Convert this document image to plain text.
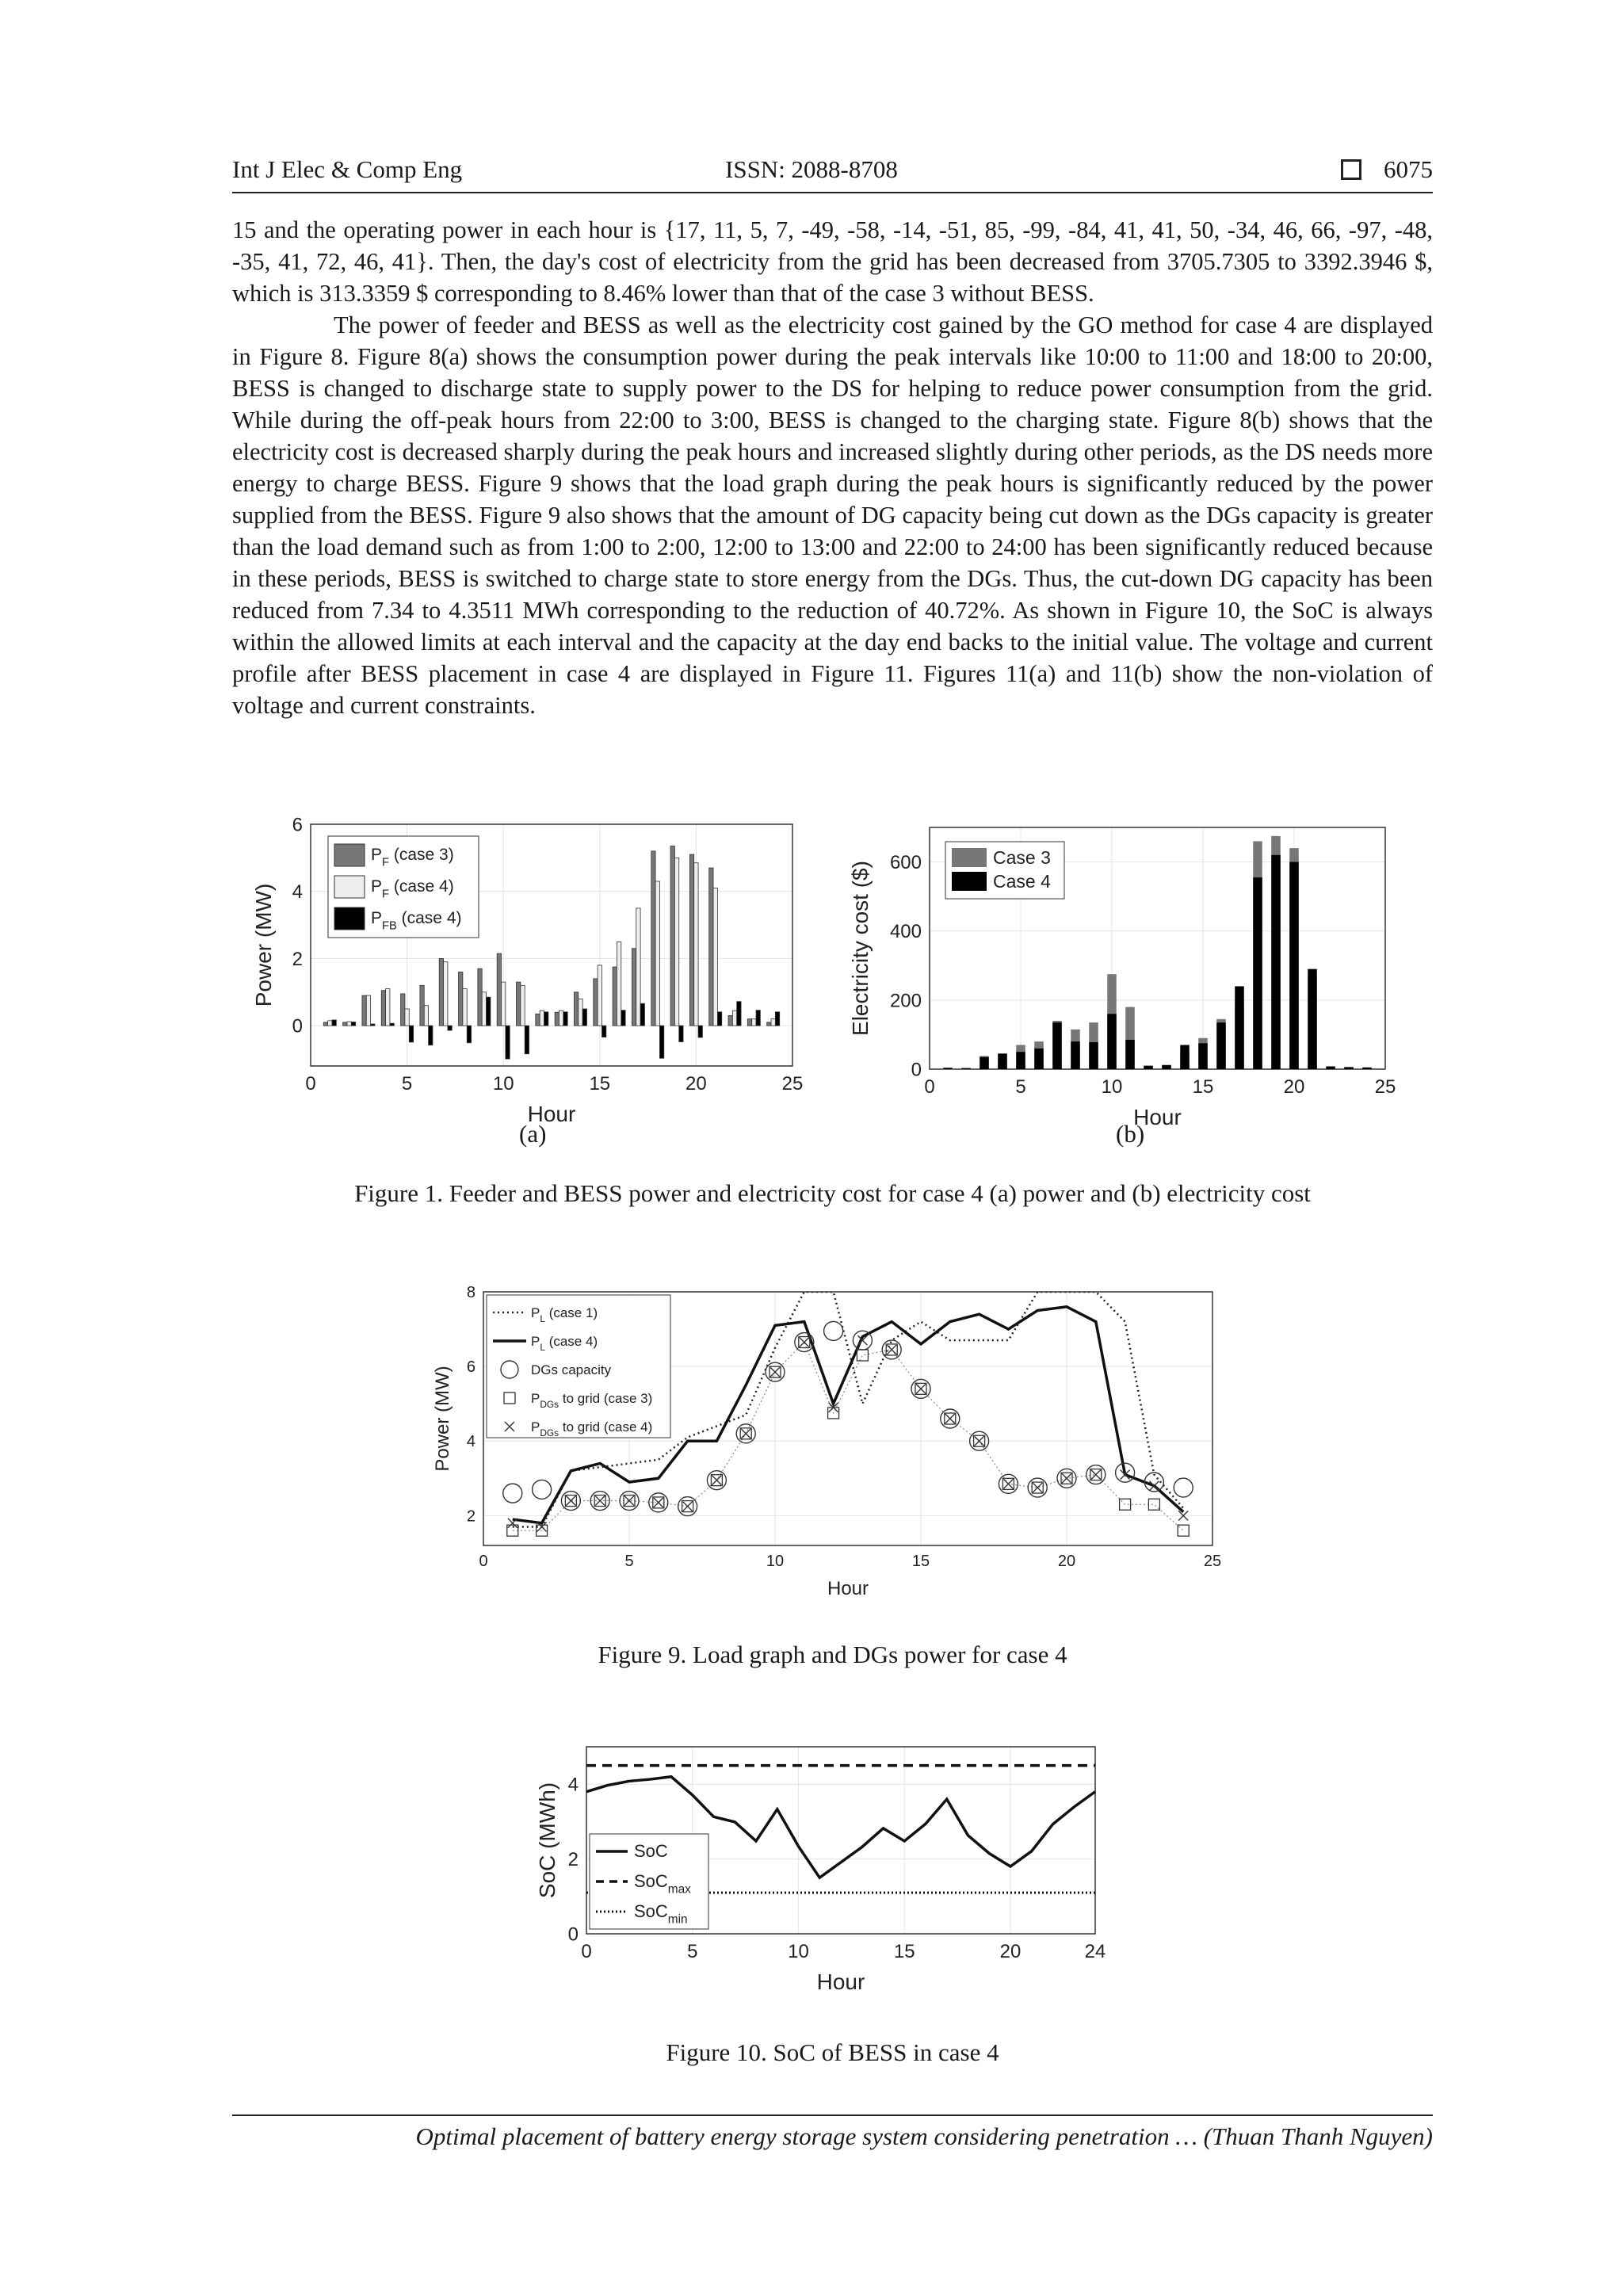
Int J Elec & Comp Eng	ISSN: 2088-8708	6075

15 and the operating power in each hour is {17, 11, 5, 7, -49, -58, -14, -51, 85, -99, -84, 41, 41, 50, -34, 46, 66, -97, -48, -35, 41, 72, 46, 41}. Then, the day's cost of electricity from the grid has been decreased from 3705.7305 to 3392.3946 $, which is 313.3359 $ corresponding to 8.46% lower than that of the case 3 without BESS.

The power of feeder and BESS as well as the electricity cost gained by the GO method for case 4 are displayed in Figure 8. Figure 8(a) shows the consumption power during the peak intervals like 10:00 to 11:00 and 18:00 to 20:00, BESS is changed to discharge state to supply power to the DS for helping to reduce power consumption from the grid. While during the off-peak hours from 22:00 to 3:00, BESS is changed to the charging state. Figure 8(b) shows that the electricity cost is decreased sharply during the peak hours and increased slightly during other periods, as the DS needs more energy to charge BESS. Figure 9 shows that the load graph during the peak hours is significantly reduced by the power supplied from the BESS. Figure 9 also shows that the amount of DG capacity being cut down as the DGs capacity is greater than the load demand such as from 1:00 to 2:00, 12:00 to 13:00 and 22:00 to 24:00 has been significantly reduced because in these periods, BESS is switched to charge state to store energy from the DGs. Thus, the cut-down DG capacity has been reduced from 7.34 to 4.3511 MWh corresponding to the reduction of 40.72%. As shown in Figure 10, the SoC is always within the allowed limits at each interval and the capacity at the day end backs to the initial value. The voltage and current profile after BESS placement in case 4 are displayed in Figure 11. Figures 11(a) and 11(b) show the non-violation of voltage and current constraints.

0	5	10	15	20	25
0
2
4
6
Hour
Power (MW)
$P_F$ (case 3)
$P_F$ (case 4)
$P_{FB}$ (case 4)
(a)
0	5	10	15	20	25
0
200
400
600
Hour
Electricity cost ($)
Case 3
Case 4
(b)
Figure 1. Feeder and BESS power and electricity cost for case 4 (a) power and (b) electricity cost
0	5	10	15	20	25
2
4
6
8
Hour
Power (MW)
$P_L$ (case 1)
$P_L$ (case 4)
DGs capacity
$P_{DGs}$ to grid (case 3)
$P_{DGs}$ to grid (case 4)
Figure 9. Load graph and DGs power for case 4
0	5	10	15	20	24
0
2
4
Hour
SoC (MWh)	SoC
SoC$_{max}$
SoC$_{min}$
Figure 10. SoC of BESS in case 4
Optimal placement of battery energy storage system considering penetration … (Thuan Thanh Nguyen)
